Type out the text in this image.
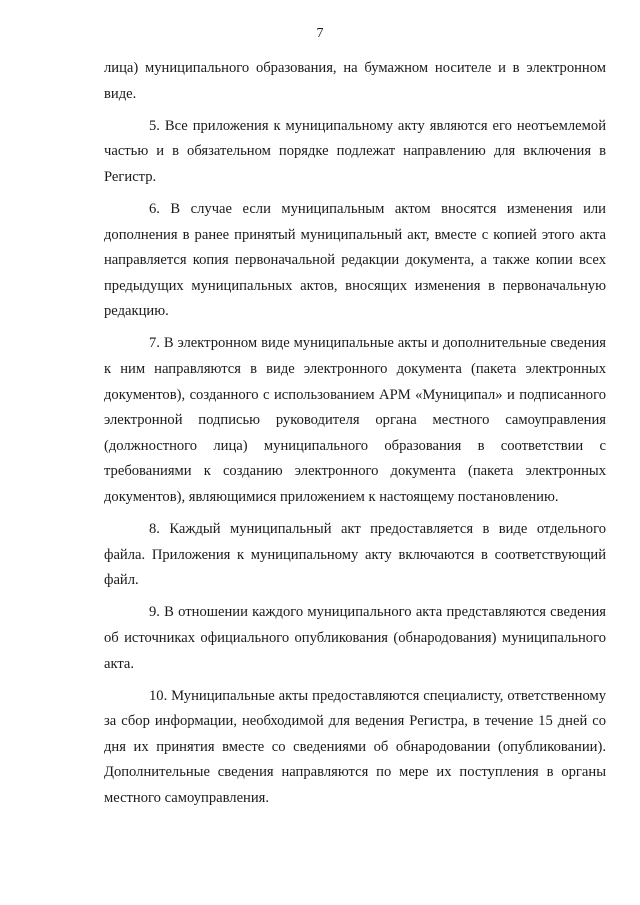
7

лица) муниципального образования, на бумажном носителе и в электронном виде.

5. Все приложения к муниципальному акту являются его неотъемлемой частью и в обязательном порядке подлежат направлению для включения в Регистр.

6. В случае если муниципальным актом вносятся изменения или дополнения в ранее принятый муниципальный акт, вместе с копией этого акта направляется копия первоначальной редакции документа, а также копии всех предыдущих муниципальных актов, вносящих изменения в первоначальную редакцию.

7. В электронном виде муниципальные акты и дополнительные сведения к ним направляются в виде электронного документа (пакета электронных документов), созданного с использованием АРМ «Муниципал» и подписанного электронной подписью руководителя органа местного самоуправления (должностного лица) муниципального образования в соответствии с требованиями к созданию электронного документа (пакета электронных документов), являющимися приложением к настоящему постановлению.

8. Каждый муниципальный акт предоставляется в виде отдельного файла. Приложения к муниципальному акту включаются в соответствующий файл.

9. В отношении каждого муниципального акта представляются сведения об источниках официального опубликования (обнародования) муниципального акта.

10. Муниципальные акты предоставляются специалисту, ответственному за сбор информации, необходимой для ведения Регистра, в течение 15 дней со дня их принятия вместе со сведениями об обнародовании (опубликовании). Дополнительные сведения направляются по мере их поступления в органы местного самоуправления.
